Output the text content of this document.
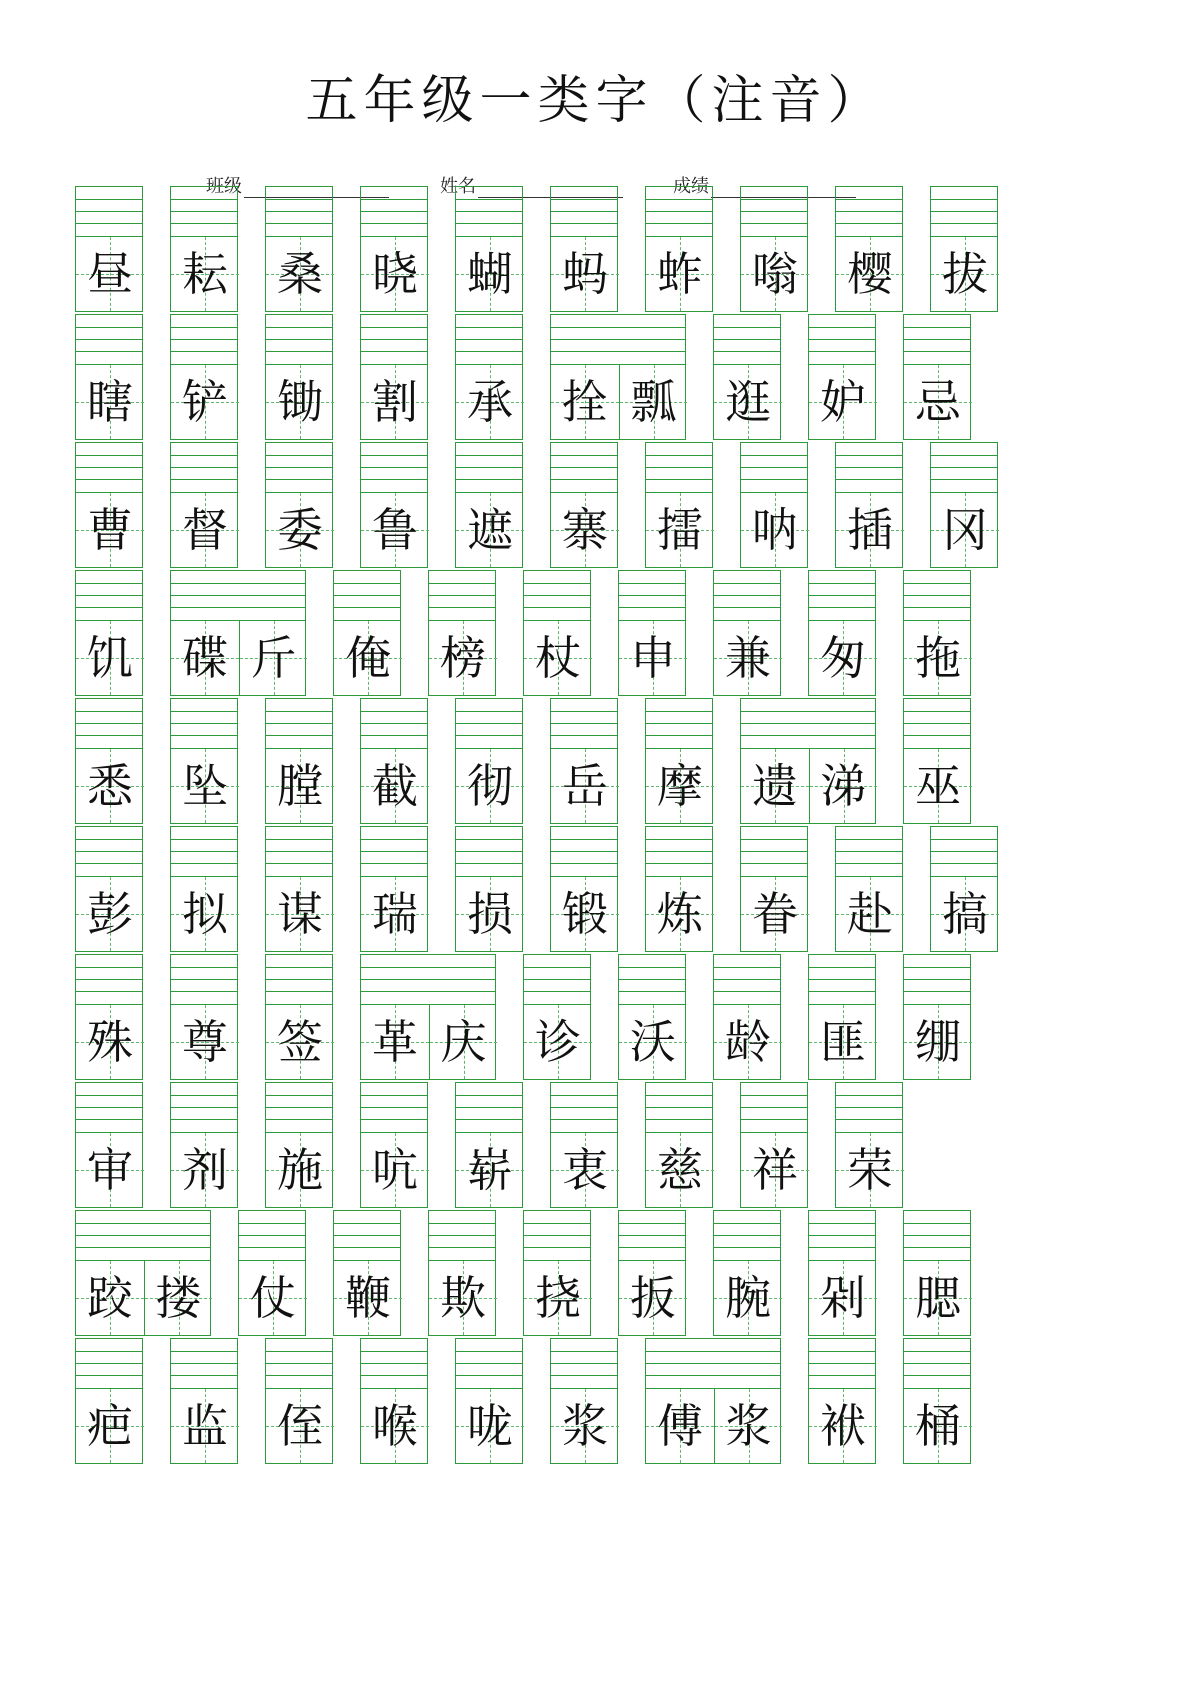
五年级一类字（注音）
班级	姓名	成绩
昼 耘 桑 晓 蝴 蚂 蚱 嗡 樱 拔
瞎 铲 锄 割 承 拴 瓢 逛 妒 忌
曹 督 委 鲁 遮 寨 擂 呐 插 冈
饥 碟 斤 俺 榜 杖 申 兼 匆 拖
悉 坠 膛 截 彻 岳 摩 遗 涕 巫
彭 拟 谋 瑞 损 锻 炼 眷 赴 搞
殊 尊 签 革 庆 诊 沃 龄 匪 绷
审 剂 施 吭 崭 衷 慈 祥 荣
跤 搂 仗 鞭 欺 挠 扳 腕 剁 腮
疤 监 侄 喉 咙 浆 傅 浆 袱 桶
